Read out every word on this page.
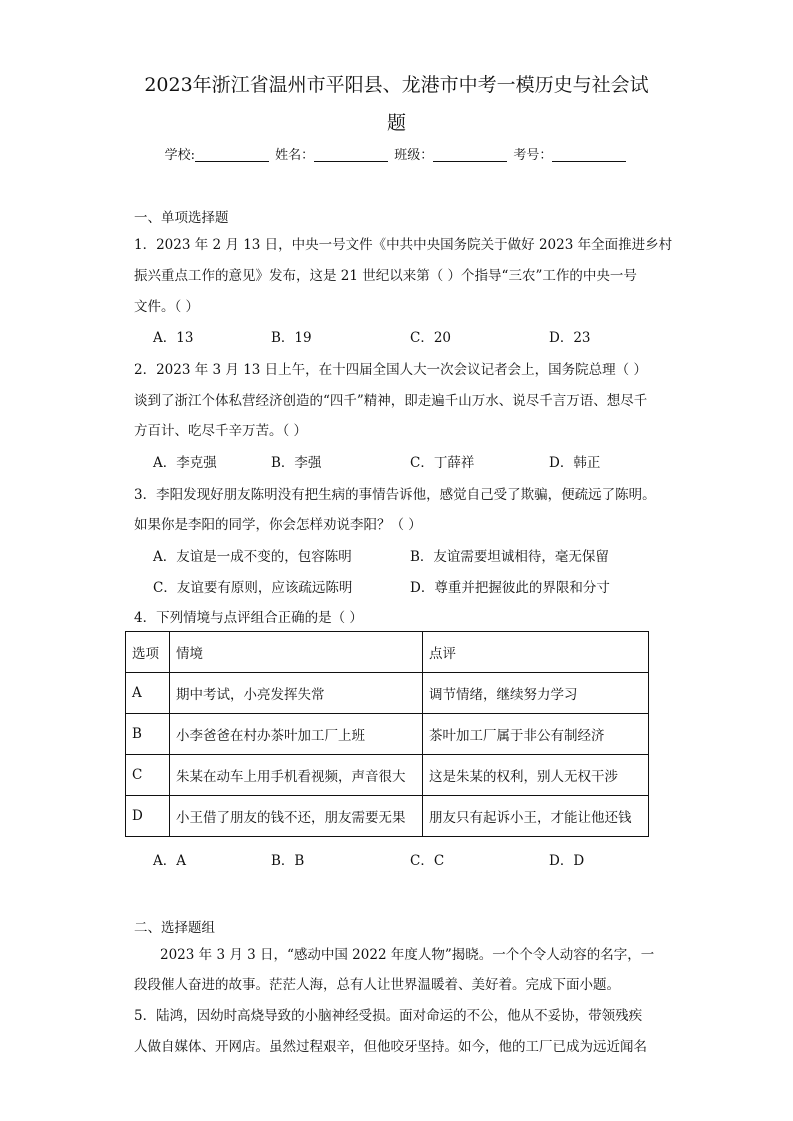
2023年浙江省温州市平阳县、龙港市中考一模历史与社会试
题
学校:	姓名：	班级：	考号：
一、单项选择题
1．2023 年 2 月 13 日，中央一号文件《中共中央国务院关于做好 2023 年全面推进乡村
振兴重点工作的意见》发布，这是 21 世纪以来第（ ）个指导“三农”工作的中央一号
文件。（ ）
A．13	B．19	C．20	D．23
2．2023 年 3 月 13 日上午，在十四届全国人大一次会议记者会上，国务院总理（ ）
谈到了浙江个体私营经济创造的“四千”精神，即走遍千山万水、说尽千言万语、想尽千
方百计、吃尽千辛万苦。（ ）
A．李克强	B．李强	C．丁薛祥	D．韩正
3．李阳发现好朋友陈明没有把生病的事情告诉他，感觉自己受了欺骗，便疏远了陈明。
如果你是李阳的同学，你会怎样劝说李阳？（ ）
A．友谊是一成不变的，包容陈明	B．友谊需要坦诚相待，毫无保留
C．友谊要有原则，应该疏远陈明	D．尊重并把握彼此的界限和分寸
4．下列情境与点评组合正确的是（ ）
选项	情境	点评
A	期中考试，小亮发挥失常	调节情绪，继续努力学习
B	小李爸爸在村办茶叶加工厂上班	茶叶加工厂属于非公有制经济
C	朱某在动车上用手机看视频，声音很大	这是朱某的权利，别人无权干涉
D	小王借了朋友的钱不还，朋友需要无果	朋友只有起诉小王，才能让他还钱
A．A	B．B	C．C	D．D
二、选择题组
2023 年 3 月 3 日，“感动中国 2022 年度人物”揭晓。一个个令人动容的名字，一
段段催人奋进的故事。茫茫人海，总有人让世界温暖着、美好着。完成下面小题。
5．陆鸿，因幼时高烧导致的小脑神经受损。面对命运的不公，他从不妥协，带领残疾
人做自媒体、开网店。虽然过程艰辛，但他咬牙坚持。如今，他的工厂已成为远近闻名
